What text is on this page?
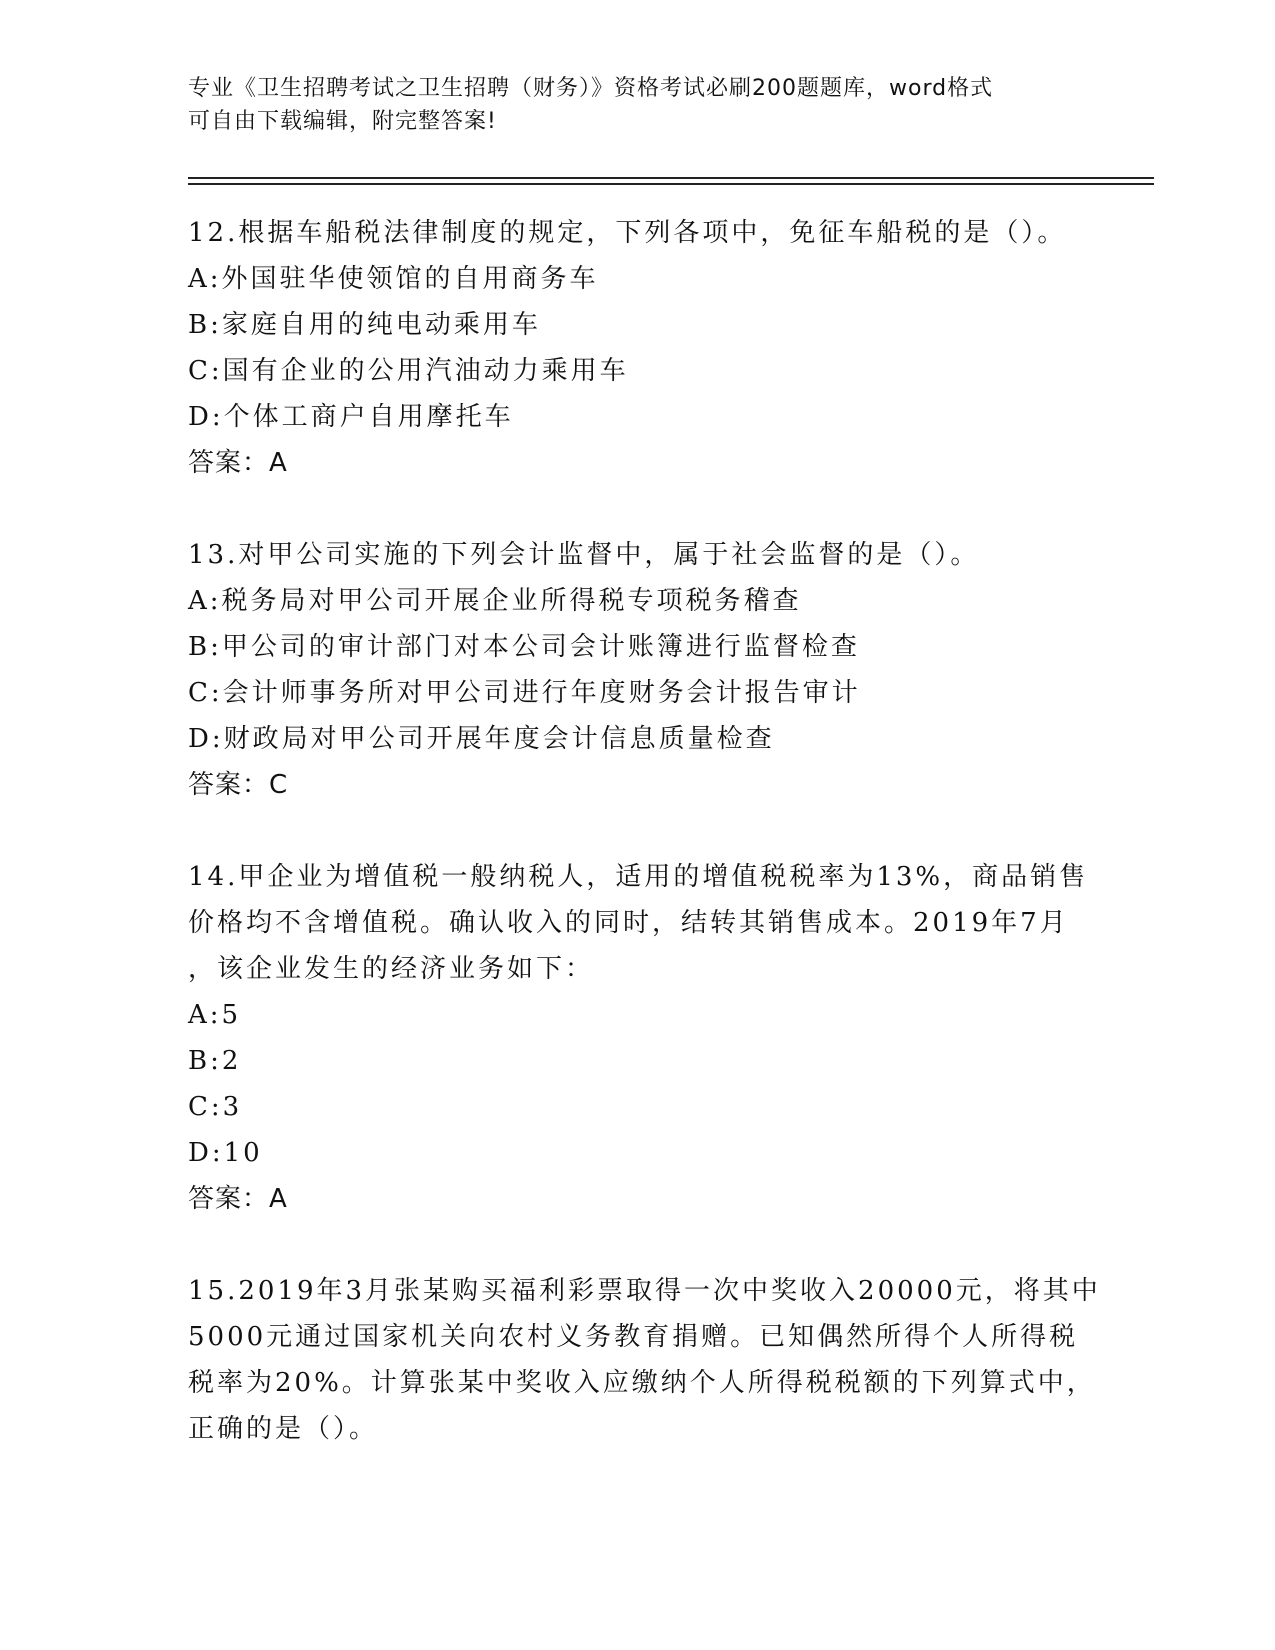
专业《卫生招聘考试之卫生招聘（财务）》资格考试必刷200题题库，word格式
可自由下载编辑，附完整答案!
12.根据车船税法律制度的规定，下列各项中，免征车船税的是（）。
A:外国驻华使领馆的自用商务车
B:家庭自用的纯电动乘用车
C:国有企业的公用汽油动力乘用车
D:个体工商户自用摩托车
答案：A
13.对甲公司实施的下列会计监督中，属于社会监督的是（）。
A:税务局对甲公司开展企业所得税专项税务稽查
B:甲公司的审计部门对本公司会计账簿进行监督检查
C:会计师事务所对甲公司进行年度财务会计报告审计
D:财政局对甲公司开展年度会计信息质量检查
答案：C
14.甲企业为增值税一般纳税人，适用的增值税税率为13%，商品销售
价格均不含增值税。确认收入的同时，结转其销售成本。2019年7月
，该企业发生的经济业务如下：
A:5
B:2
C:3
D:10
答案：A
15.2019年3月张某购买福利彩票取得一次中奖收入20000元，将其中
5000元通过国家机关向农村义务教育捐赠。已知偶然所得个人所得税
税率为20%。计算张某中奖收入应缴纳个人所得税税额的下列算式中，
正确的是（）。
